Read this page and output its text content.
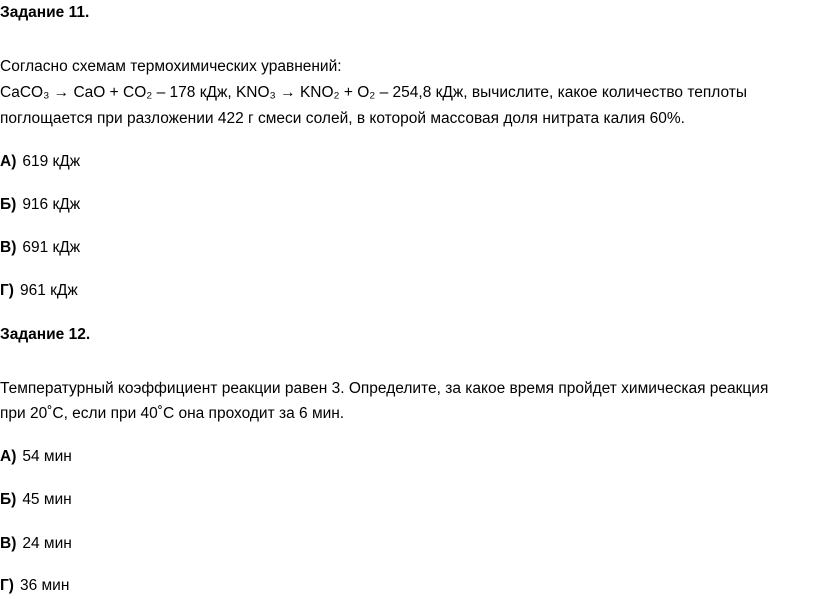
Задание 11.
Согласно схемам термохимических уравнений:
CaCO₃ → CaO + CO₂ – 178 кДж, KNO₃ → KNO₂ + O₂ – 254,8 кДж, вычислите, какое количество теплоты
поглощается при разложении 422 г смеси солей, в которой массовая доля нитрата калия 60%.
А) 619 кДж
Б) 916 кДж
В) 691 кДж
Г) 961 кДж
Задание 12.
Температурный коэффициент реакции равен 3. Определите, за какое время пройдет химическая реакция
при 20˚С, если при 40˚С она проходит за 6 мин.
А) 54 мин
Б) 45 мин
В) 24 мин
Г) 36 мин
